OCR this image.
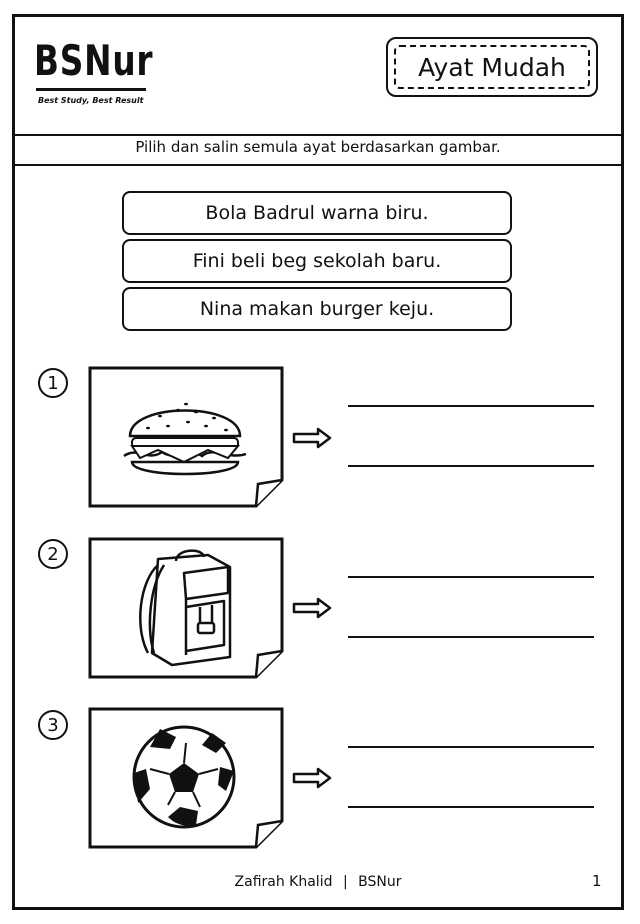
BSNur
Best Study, Best Result
Ayat Mudah
Pilih dan salin semula ayat berdasarkan gambar.
Bola Badrul warna biru.
Fini beli beg sekolah baru.
Nina makan burger keju.
1
2
3
Zafirah Khalid | BSNur	1
